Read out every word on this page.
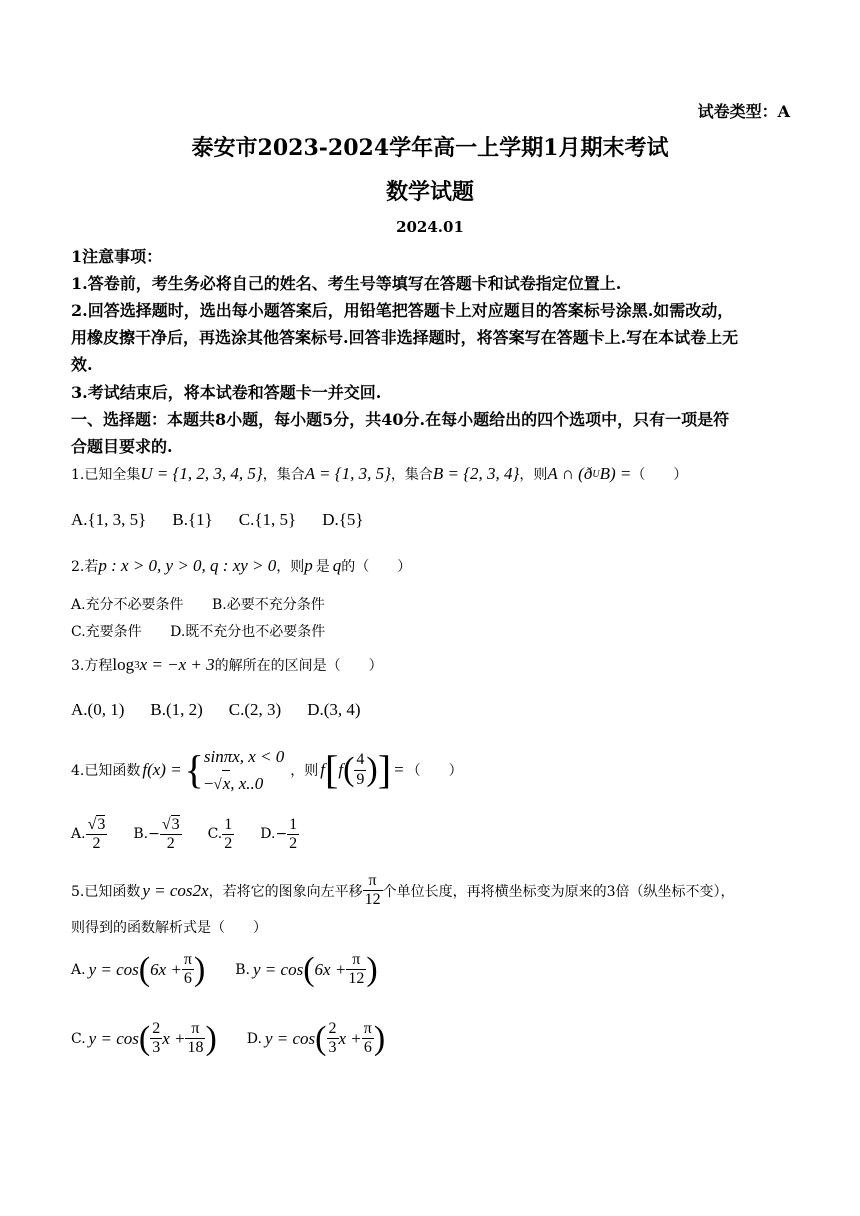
试卷类型：A
泰安市2023-2024学年高一上学期1月期末考试
数学试题
2024.01
1注意事项：
1.答卷前，考生务必将自己的姓名、考生号等填写在答题卡和试卷指定位置上.
2.回答选择题时，选出每小题答案后，用铅笔把答题卡上对应题目的答案标号涂黑.如需改动，
用橡皮擦干净后，再选涂其他答案标号.回答非选择题时，将答案写在答题卡上.写在本试卷上无
效.
3.考试结束后，将本试卷和答题卡一并交回.
一、选择题：本题共8小题，每小题5分，共40分.在每小题给出的四个选项中，只有一项是符
合题目要求的.
1.已知全集 U = {1, 2, 3, 4, 5} ，集合 A = {1, 3, 5} ，集合 B = {2, 3, 4} ，则 A ∩ (ð U B) = （　　）
A.{1, 3, 5} B.{1} C.{1, 5} D.{5}
2.若 p : x > 0, y > 0, q : xy > 0 ，则 p 是 q 的（　　）
A.充分不必要条件 B.必要不充分条件
C.充要条件 D.既不充分也不必要条件
3.方程 log 3 x = −x + 3 的解所在的区间是（　　）
A.(0, 1) B.(1, 2) C.(2, 3) D.(3, 4)
4.已知函数 f(x) = { sinπx, x < 0
−√x, x..0
，则 f [ f ( $\frac{4}{9}$ ) ] = （　　）
A. $\frac{√3}{2} B.- \frac{√3}{2} C$. $\frac{1}{2} D.- \frac{1}{2}$
5.已知函数 y = cos2x ，若将它的图象向左平移 $\frac{\pi}{12}$ 个单位长度，再将横坐标变为原来的3倍（纵坐标不变），
则得到的函数解析式是（　　）
A. y = cos ( $6x + \frac{\pi}{6}$ ) B. y = cos ( $6x + \frac{\pi}{12}$ )
C. y = cos ( $\frac{2}{3}$ $x + \frac{\pi}{18}$ ) D. y = cos ( $\frac{2}{3}$ $x + \frac{\pi}{6}$ )
